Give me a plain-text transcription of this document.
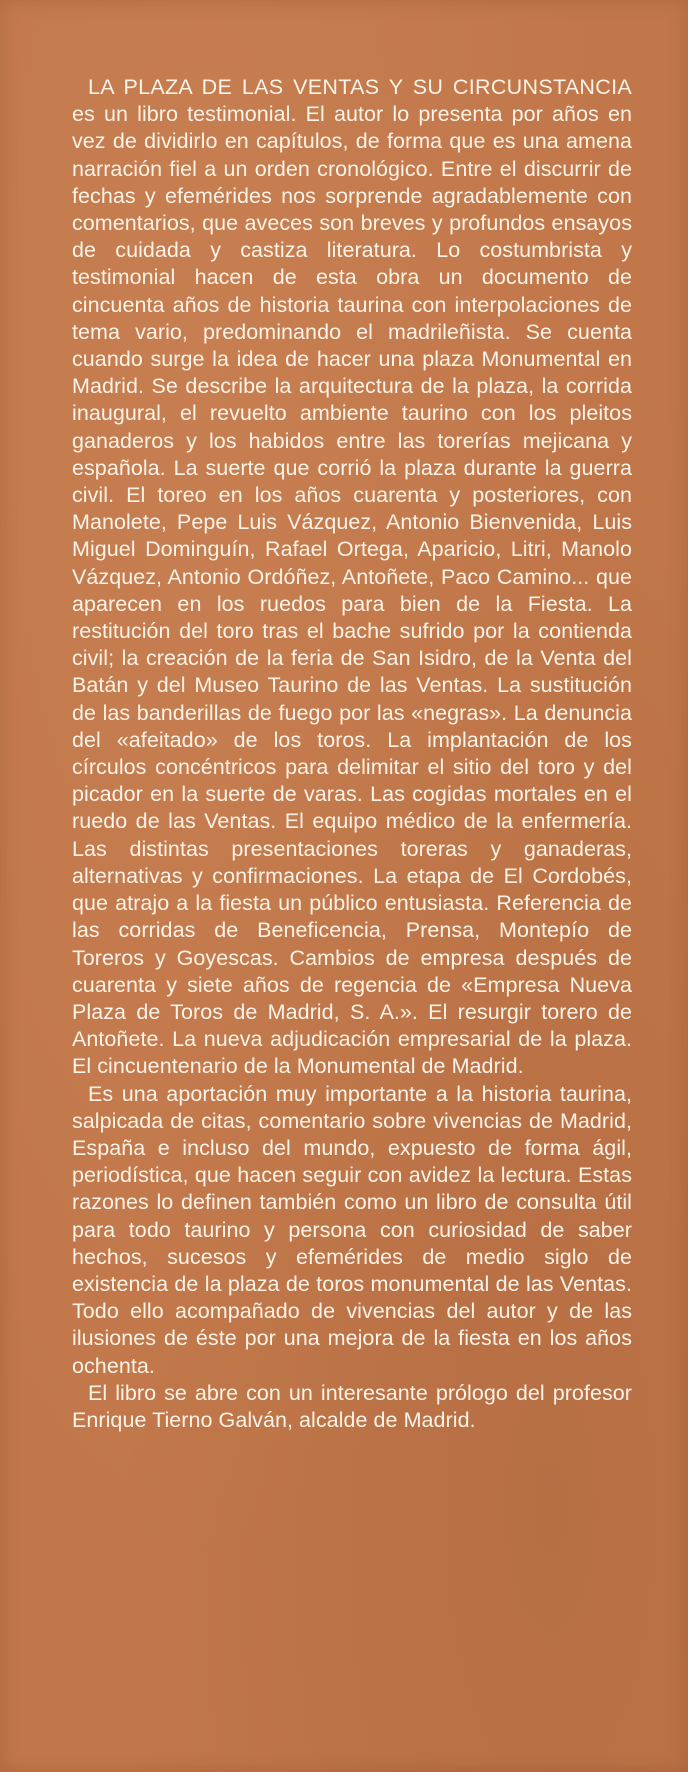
LA PLAZA DE LAS VENTAS Y SU CIRCUNSTANCIA es un libro testimonial. El autor lo presenta por años en vez de dividirlo en capítulos, de forma que es una amena narración fiel a un orden cronológico. Entre el discurrir de fechas y efemérides nos sorprende agradablemente con comentarios, que aveces son breves y profundos ensayos de cuidada y castiza literatura. Lo costumbrista y testimonial hacen de esta obra un documento de cincuenta años de historia taurina con interpolaciones de tema vario, predominando el madrileñista. Se cuenta cuando surge la idea de hacer una plaza Monumental en Madrid. Se describe la arquitectura de la plaza, la corrida inaugural, el revuelto ambiente taurino con los pleitos ganaderos y los habidos entre las torerías mejicana y española. La suerte que corrió la plaza durante la guerra civil. El toreo en los años cuarenta y posteriores, con Manolete, Pepe Luis Vázquez, Antonio Bienvenida, Luis Miguel Dominguín, Rafael Ortega, Aparicio, Litri, Manolo Vázquez, Antonio Ordóñez, Antoñete, Paco Camino... que aparecen en los ruedos para bien de la Fiesta. La restitución del toro tras el bache sufrido por la contienda civil; la creación de la feria de San Isidro, de la Venta del Batán y del Museo Taurino de las Ventas. La sustitución de las banderillas de fuego por las «negras». La denuncia del «afeitado» de los toros. La implantación de los círculos concéntricos para delimitar el sitio del toro y del picador en la suerte de varas. Las cogidas mortales en el ruedo de las Ventas. El equipo médico de la enfermería. Las distintas presentaciones toreras y ganaderas, alternativas y confirmaciones. La etapa de El Cordobés, que atrajo a la fiesta un público entusiasta. Referencia de las corridas de Beneficencia, Prensa, Montepío de Toreros y Goyescas. Cambios de empresa después de cuarenta y siete años de regencia de «Empresa Nueva Plaza de Toros de Madrid, S. A.». El resurgir torero de Antoñete. La nueva adjudicación empresarial de la plaza. El cincuentenario de la Monumental de Madrid.

Es una aportación muy importante a la historia taurina, salpicada de citas, comentario sobre vivencias de Madrid, España e incluso del mundo, expuesto de forma ágil, periodística, que hacen seguir con avidez la lectura. Estas razones lo definen también como un libro de consulta útil para todo taurino y persona con curiosidad de saber hechos, sucesos y efemérides de medio siglo de existencia de la plaza de toros monumental de las Ventas. Todo ello acompañado de vivencias del autor y de las ilusiones de éste por una mejora de la fiesta en los años ochenta.

El libro se abre con un interesante prólogo del profesor Enrique Tierno Galván, alcalde de Madrid.
